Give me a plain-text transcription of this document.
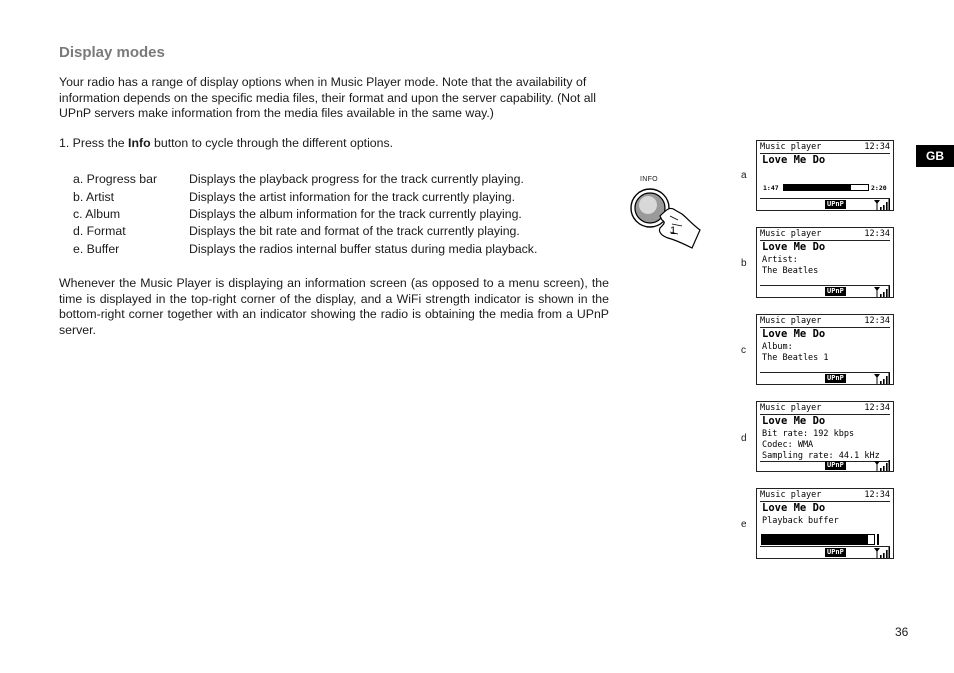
Display modes

Your radio has a range of display options when in Music Player mode. Note that the availability of information depends on the specific media files, their format and upon the server capability. (Not all UPnP servers make information from the media files available in the same way.)

1. Press the Info button to cycle through the different options.
a. Progress bar	Displays the playback progress for the track currently playing.
b. Artist	Displays the artist information for the track currently playing.
c. Album	Displays the album information for the track currently playing.
d. Format	Displays the bit rate and format of the track currently playing.
e. Buffer	Displays the radios internal buffer status during media playback.

Whenever the Music Player is displaying an information screen (as opposed to a menu screen), the time is displayed in the top-right corner of the display, and a WiFi strength indicator is shown in the bottom-right corner together with an indicator showing the radio is obtaining the media from a UPnP server.

INFO
1
a
Music player	12:34
Love Me Do
1:47	2:20
UPnP
b
Music player	12:34
Love Me Do
Artist:
The Beatles
UPnP
c
Music player	12:34
Love Me Do
Album:
The Beatles 1
UPnP
d
Music player	12:34
Love Me Do
Bit rate: 192 kbps
Codec: WMA
Sampling rate: 44.1 kHz
UPnP
e
Music player	12:34
Love Me Do
Playback buffer
UPnP
GB
36
